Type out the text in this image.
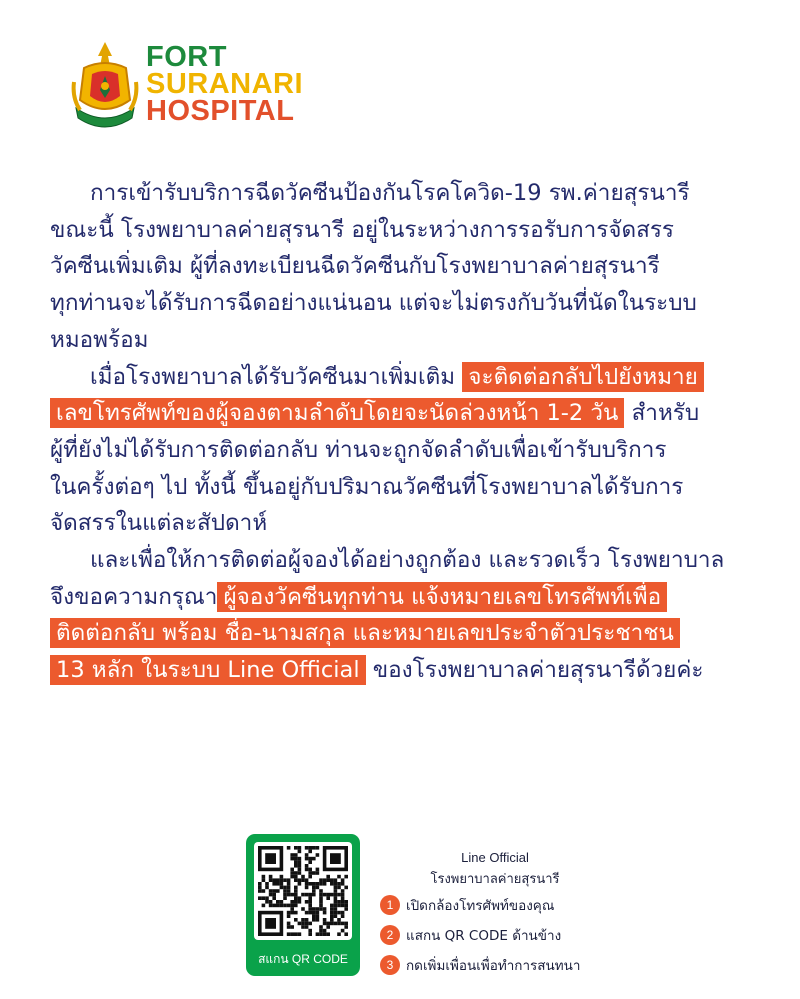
FORT
SURANARI
HOSPITAL

การเข้ารับบริการฉีดวัคซีนป้องกันโรคโควิด-19 รพ.ค่ายสุรนารี

ขณะนี้ โรงพยาบาลค่ายสุรนารี อยู่ในระหว่างการรอรับการจัดสรร

วัคซีนเพิ่มเติม ผู้ที่ลงทะเบียนฉีดวัคซีนกับโรงพยาบาลค่ายสุรนารี

ทุกท่านจะได้รับการฉีดอย่างแน่นอน แต่จะไม่ตรงกับวันที่นัดในระบบ

หมอพร้อม

เมื่อโรงพยาบาลได้รับวัคซีนมาเพิ่มเติม จะติดต่อกลับไปยังหมาย

เลขโทรศัพท์ของผู้จองตามลำดับโดยจะนัดล่วงหน้า 1-2 วัน สำหรับ

ผู้ที่ยังไม่ได้รับการติดต่อกลับ ท่านจะถูกจัดลำดับเพื่อเข้ารับบริการ

ในครั้งต่อๆ ไป ทั้งนี้ ขึ้นอยู่กับปริมาณวัคซีนที่โรงพยาบาลได้รับการ

จัดสรรในแต่ละสัปดาห์

และเพื่อให้การติดต่อผู้จองได้อย่างถูกต้อง และรวดเร็ว โรงพยาบาล

จึงขอความกรุณา ผู้จองวัคซีนทุกท่าน แจ้งหมายเลขโทรศัพท์เพื่อ

ติดต่อกลับ พร้อม ชื่อ-นามสกุล และหมายเลขประจำตัวประชาชน

13 หลัก ในระบบ Line Official ของโรงพยาบาลค่ายสุรนารีด้วยค่ะ

สแกน QR CODE
Line Official
โรงพยาบาลค่ายสุรนารี
1 เปิดกล้องโทรศัพท์ของคุณ
2 แสกน QR CODE ด้านข้าง
3 กดเพิ่มเพื่อนเพื่อทำการสนทนา
